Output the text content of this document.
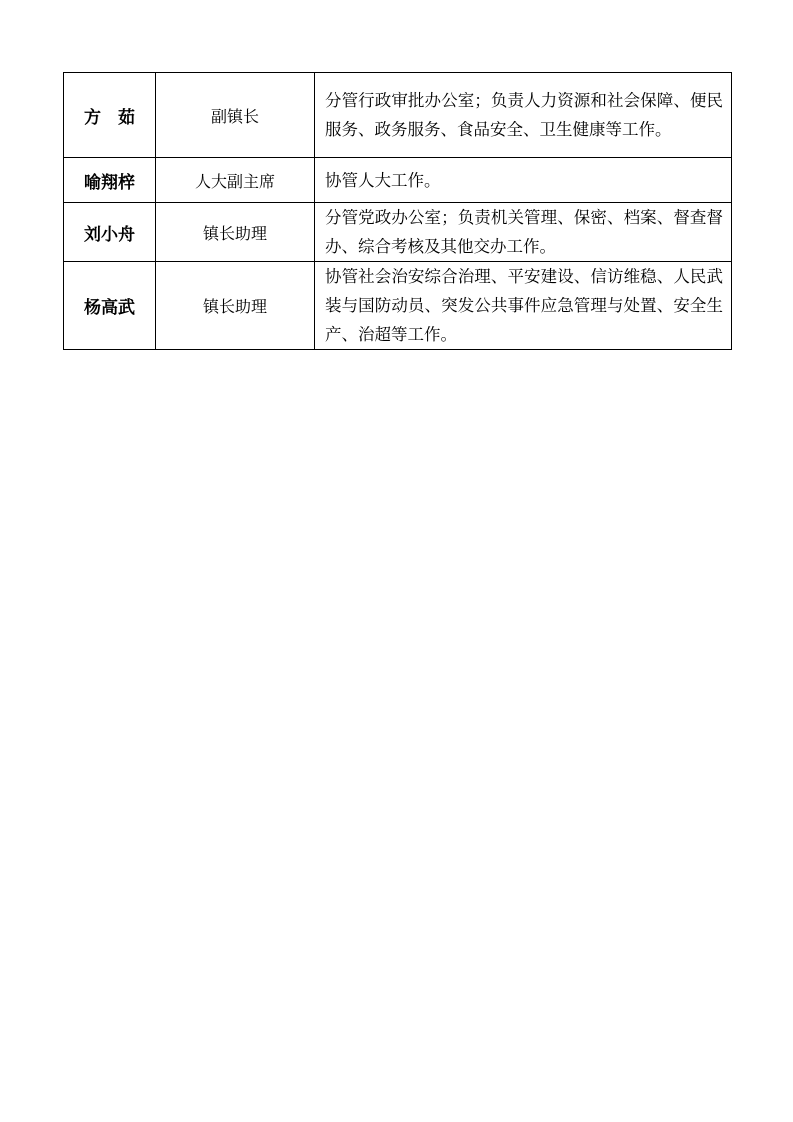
方　茹	副镇长	分管行政审批办公室；负责人力资源和社会保障、便民服务、政务服务、食品安全、卫生健康等工作。

喻翔梓	人大副主席	协管人大工作。

刘小舟	镇长助理	分管党政办公室；负责机关管理、保密、档案、督查督办、综合考核及其他交办工作。

杨高武	镇长助理	协管社会治安综合治理、平安建设、信访维稳、人民武装与国防动员、突发公共事件应急管理与处置、安全生产、治超等工作。
